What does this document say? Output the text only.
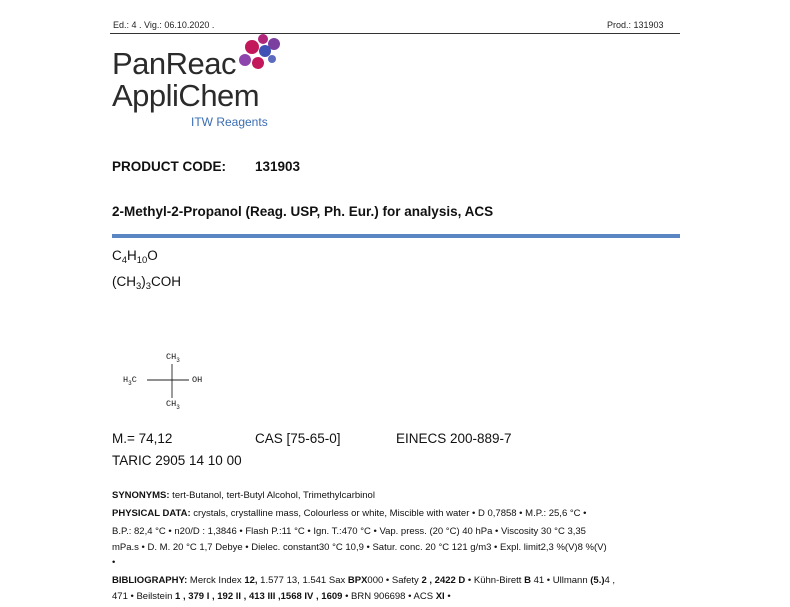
Ed.: 4 . Vig.: 06.10.2020 .	Prod.: 131903
PanReac
AppliChem
ITW Reagents
PRODUCT CODE: 131903
2-Methyl-2-Propanol (Reag. USP, Ph. Eur.) for analysis, ACS
$C_4H_{10}O$
$(CH_3)_3COH$
$CH_3$
$H_3C$	OH
$CH_3$
M.= 74,12	CAS [75-65-0]	EINECS 200-889-7
TARIC 2905 14 10 00
SYNONYMS: tert-Butanol, tert-Butyl Alcohol, Trimethylcarbinol
PHYSICAL DATA: crystals, crystalline mass, Colourless or white, Miscible with water • D 0,7858 • M.P.: 25,6 °C •
B.P.: 82,4 °C • n20/D : 1,3846 • Flash P.:11 °C • Ign. T.:470 °C • Vap. press. (20 °C) 40 hPa • Viscosity 30 °C 3,35
mPa.s • D. M. 20 °C 1,7 Debye • Dielec. constant30 °C 10,9 • Satur. conc. 20 °C 121 g/m3 • Expl. limit2,3 %(V)8 %(V)
•
BIBLIOGRAPHY: Merck Index 12, 1.577 13, 1.541 Sax BPX000 • Safety 2 , 2422 D • Kühn-Birett B 41 • Ullmann (5.)4 ,
471 • Beilstein 1 , 379 I , 192 II , 413 III ,1568 IV , 1609 • BRN 906698 • ACS XI •
